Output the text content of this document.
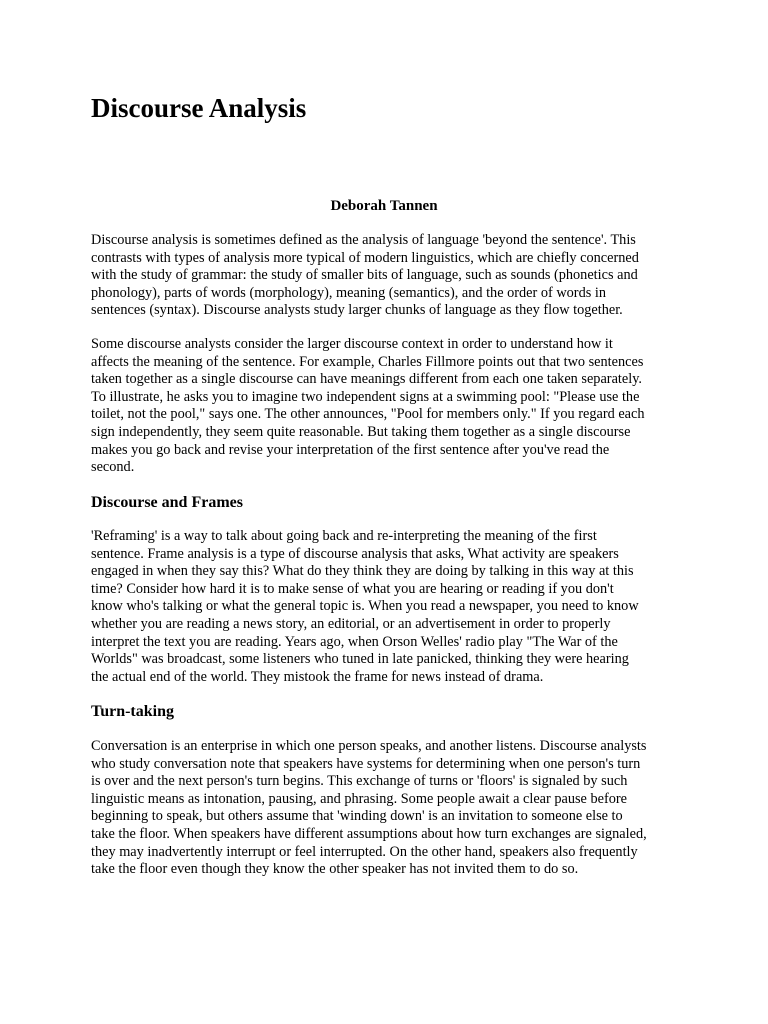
Discourse Analysis
Deborah Tannen

Discourse analysis is sometimes defined as the analysis of language 'beyond the sentence'. This
contrasts with types of analysis more typical of modern linguistics, which are chiefly concerned
with the study of grammar: the study of smaller bits of language, such as sounds (phonetics and
phonology), parts of words (morphology), meaning (semantics), and the order of words in
sentences (syntax). Discourse analysts study larger chunks of language as they flow together.

Some discourse analysts consider the larger discourse context in order to understand how it
affects the meaning of the sentence. For example, Charles Fillmore points out that two sentences
taken together as a single discourse can have meanings different from each one taken separately.
To illustrate, he asks you to imagine two independent signs at a swimming pool: "Please use the
toilet, not the pool," says one. The other announces, "Pool for members only." If you regard each
sign independently, they seem quite reasonable. But taking them together as a single discourse
makes you go back and revise your interpretation of the first sentence after you've read the
second.

Discourse and Frames

'Reframing' is a way to talk about going back and re-interpreting the meaning of the first
sentence. Frame analysis is a type of discourse analysis that asks, What activity are speakers
engaged in when they say this? What do they think they are doing by talking in this way at this
time? Consider how hard it is to make sense of what you are hearing or reading if you don't
know who's talking or what the general topic is. When you read a newspaper, you need to know
whether you are reading a news story, an editorial, or an advertisement in order to properly
interpret the text you are reading. Years ago, when Orson Welles' radio play "The War of the
Worlds" was broadcast, some listeners who tuned in late panicked, thinking they were hearing
the actual end of the world. They mistook the frame for news instead of drama.

Turn-taking

Conversation is an enterprise in which one person speaks, and another listens. Discourse analysts
who study conversation note that speakers have systems for determining when one person's turn
is over and the next person's turn begins. This exchange of turns or 'floors' is signaled by such
linguistic means as intonation, pausing, and phrasing. Some people await a clear pause before
beginning to speak, but others assume that 'winding down' is an invitation to someone else to
take the floor. When speakers have different assumptions about how turn exchanges are signaled,
they may inadvertently interrupt or feel interrupted. On the other hand, speakers also frequently
take the floor even though they know the other speaker has not invited them to do so.
